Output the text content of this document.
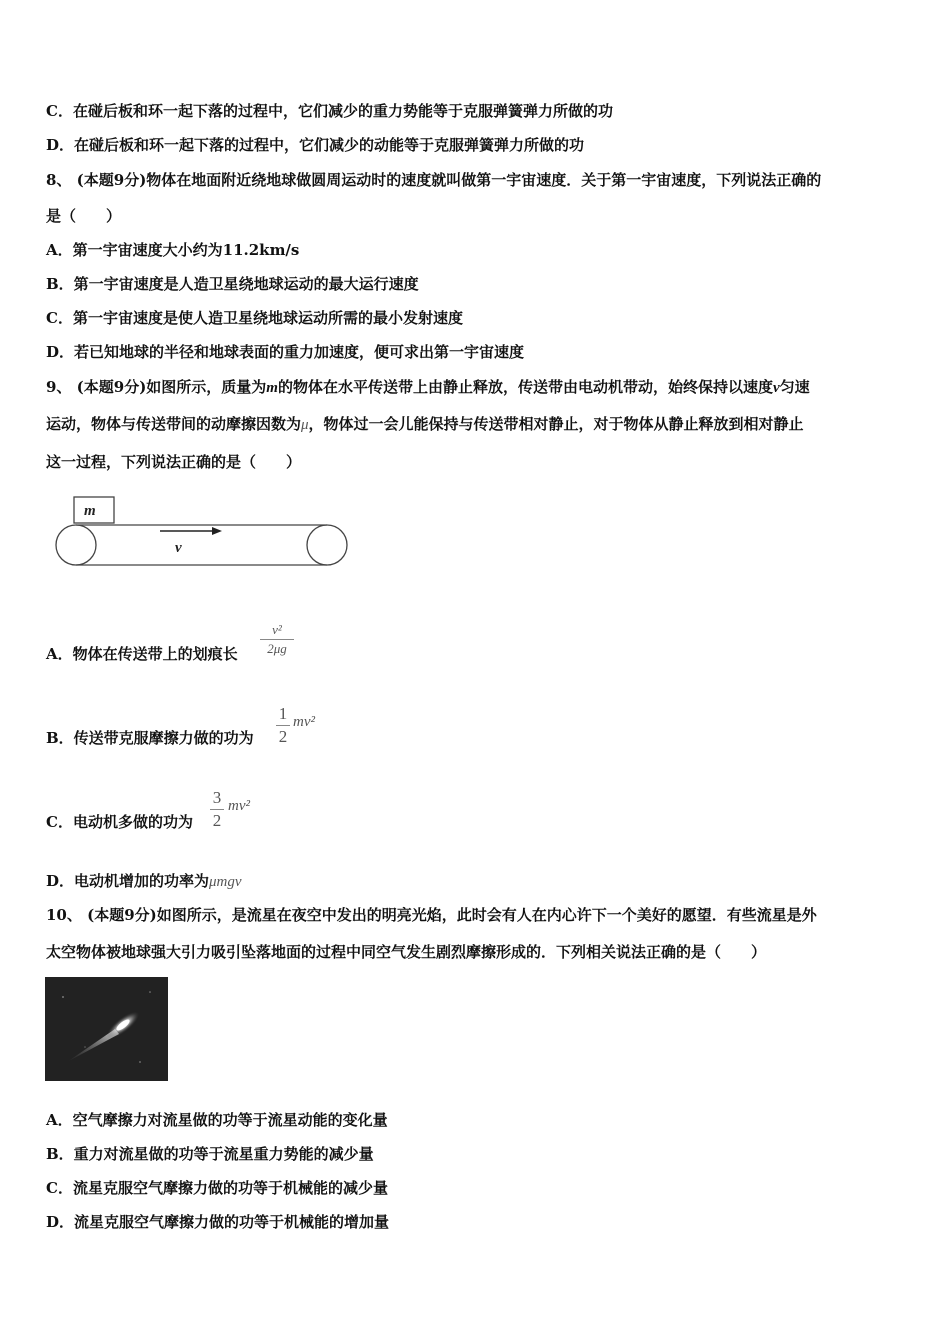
C．在碰后板和环一起下落的过程中，它们减少的重力势能等于克服弹簧弹力所做的功
D．在碰后板和环一起下落的过程中，它们减少的动能等于克服弹簧弹力所做的功
8、 (本题9分)物体在地面附近绕地球做圆周运动时的速度就叫做第一宇宙速度．关于第一宇宙速度，下列说法正确的
是（　　）
A．第一宇宙速度大小约为11.2km/s
B．第一宇宙速度是人造卫星绕地球运动的最大运行速度
C．第一宇宙速度是使人造卫星绕地球运动所需的最小发射速度
D．若已知地球的半径和地球表面的重力加速度，便可求出第一宇宙速度
9、 (本题9分)如图所示，质量为m的物体在水平传送带上由静止释放，传送带由电动机带动，始终保持以速度v匀速
运动，物体与传送带间的动摩擦因数为μ，物体过一会儿能保持与传送带相对静止，对于物体从静止释放到相对静止
这一过程，下列说法正确的是（　　）
m
v
A．物体在传送带上的划痕长
v²
2μg
B．传送带克服摩擦力做的功为
1
2
mv²
C．电动机多做的功为
3
2
mv²
D．电动机增加的功率为μmgv
10、 (本题9分)如图所示，是流星在夜空中发出的明亮光焰，此时会有人在内心许下一个美好的愿望．有些流星是外
太空物体被地球强大引力吸引坠落地面的过程中同空气发生剧烈摩擦形成的．下列相关说法正确的是（　　）
A．空气摩擦力对流星做的功等于流星动能的变化量
B．重力对流星做的功等于流星重力势能的减少量
C．流星克服空气摩擦力做的功等于机械能的减少量
D．流星克服空气摩擦力做的功等于机械能的增加量
